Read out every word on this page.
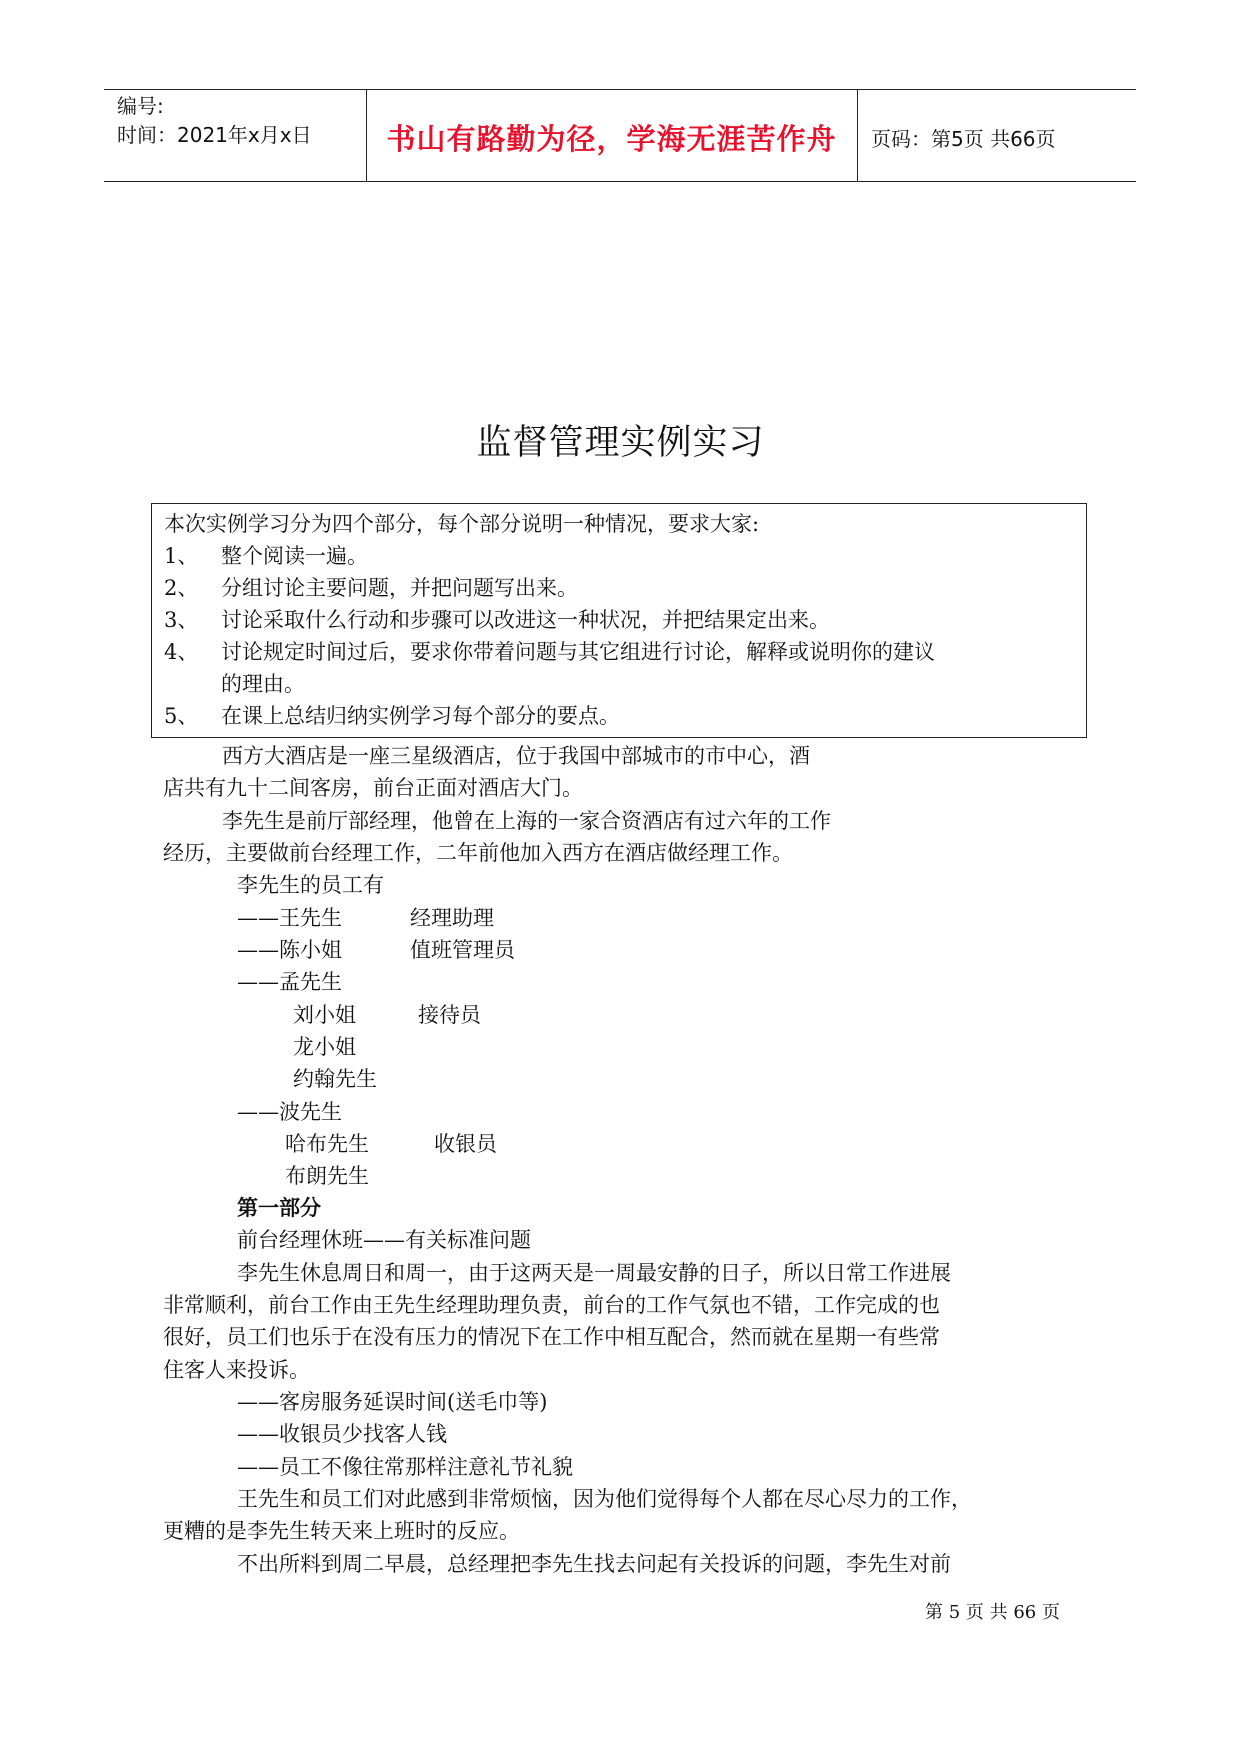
编号:
时间：2021年x月x日	书山有路勤为径，学海无涯苦作舟	页码：第5页 共66页
监督管理实例实习
本次实例学习分为四个部分，每个部分说明一种情况，要求大家:
1、 整个阅读一遍。
2、 分组讨论主要问题，并把问题写出来。
3、 讨论采取什么行动和步骤可以改进这一种状况，并把结果定出来。
4、 讨论规定时间过后，要求你带着问题与其它组进行讨论，解释或说明你的建议
的理由。
5、 在课上总结归纳实例学习每个部分的要点。
西方大酒店是一座三星级酒店，位于我国中部城市的市中心，酒
店共有九十二间客房，前台正面对酒店大门。
李先生是前厅部经理，他曾在上海的一家合资酒店有过六年的工作
经历，主要做前台经理工作，二年前他加入西方在酒店做经理工作。
李先生的员工有
——王先生	经理助理
——陈小姐	值班管理员
——孟先生
刘小姐	接待员
龙小姐
约翰先生
——波先生
哈布先生	收银员
布朗先生
第一部分
前台经理休班——有关标准问题
李先生休息周日和周一，由于这两天是一周最安静的日子，所以日常工作进展
非常顺利，前台工作由王先生经理助理负责，前台的工作气氛也不错，工作完成的也
很好，员工们也乐于在没有压力的情况下在工作中相互配合，然而就在星期一有些常
住客人来投诉。
——客房服务延误时间(送毛巾等)
——收银员少找客人钱
——员工不像往常那样注意礼节礼貌
王先生和员工们对此感到非常烦恼，因为他们觉得每个人都在尽心尽力的工作，
更糟的是李先生转天来上班时的反应。
不出所料到周二早晨，总经理把李先生找去问起有关投诉的问题，李先生对前
第 5 页 共 66 页
